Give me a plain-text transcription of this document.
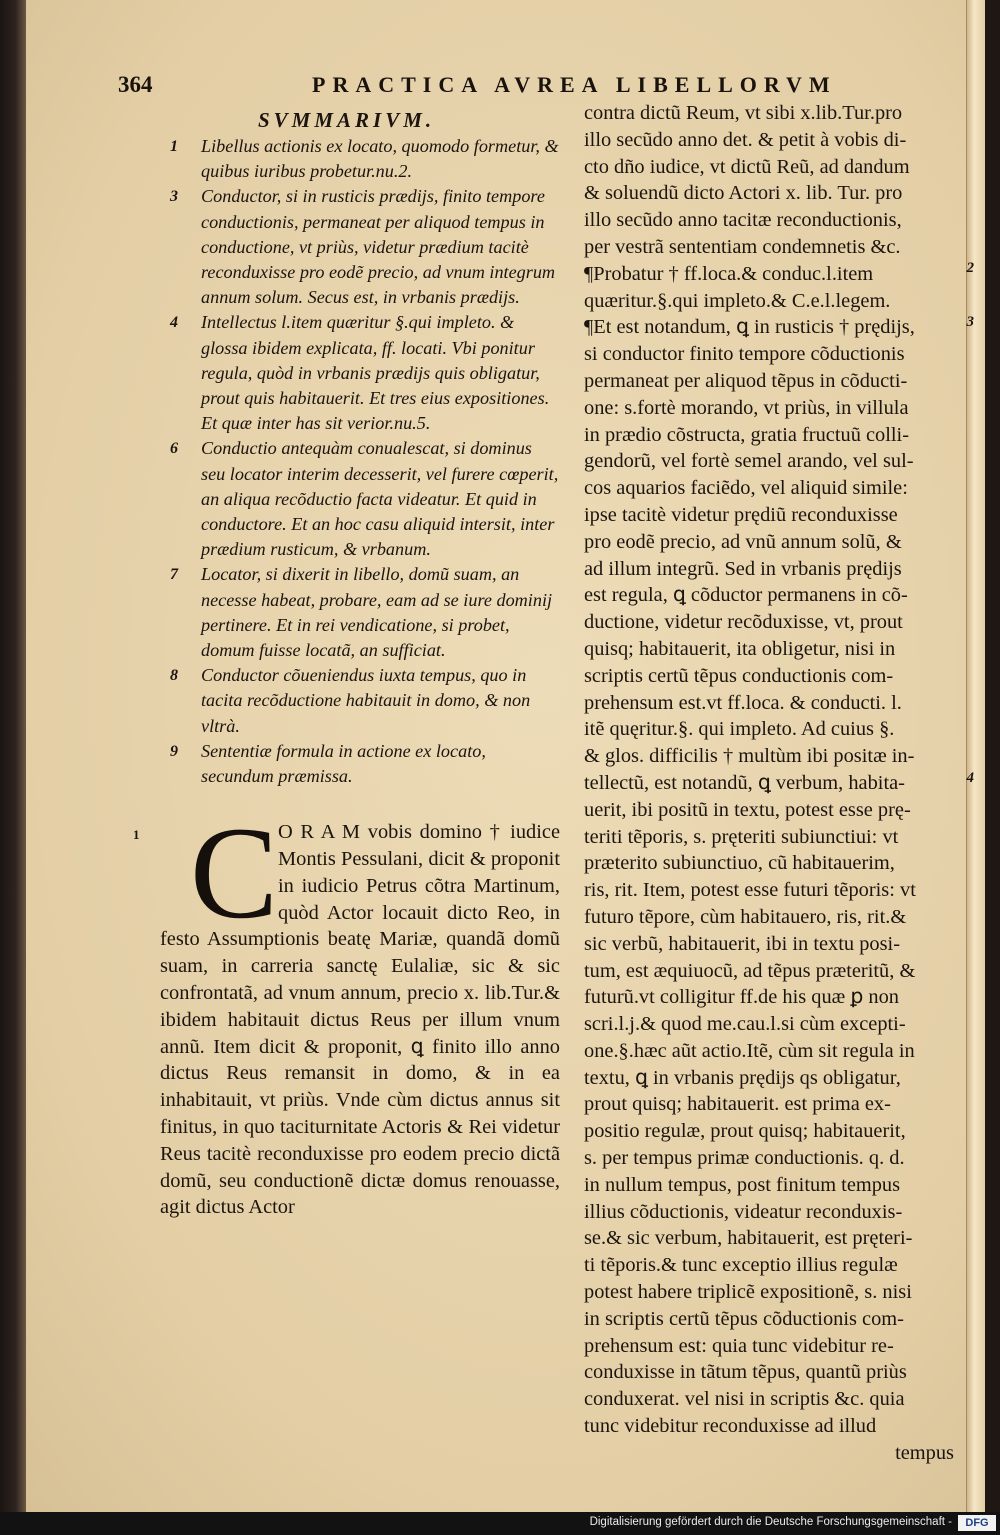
364	PRACTICA AVREA LIBELLORVM
SVMMARIVM.
1 Libellus actionis ex locato, quomodo formetur, & quibus iuribus probetur.nu.2.
3 Conductor, si in rusticis prædijs, finito tempore conductionis, permaneat per aliquod tempus in conductione, vt priùs, videtur prædium tacitè reconduxisse pro eodẽ precio, ad vnum integrum annum solum. Secus est, in vrbanis prædijs.
4 Intellectus l.item quæritur §.qui impleto. & glossa ibidem explicata, ff. locati. Vbi ponitur regula, quòd in vrbanis prædijs quis obligatur, prout quis habitauerit. Et tres eius expositiones. Et quæ inter has sit verior.nu.5.
6 Conductio antequàm conualescat, si dominus seu locator interim decesserit, vel furere cœperit, an aliqua recõductio facta videatur. Et quid in conductore. Et an hoc casu aliquid intersit, inter prædium rusticum, & vrbanum.
7 Locator, si dixerit in libello, domũ suam, an necesse habeat, probare, eam ad se iure dominij pertinere. Et in rei vendicatione, si probet, domum fuisse locatã, an sufficiat.
8 Conductor cõueniendus iuxta tempus, quo in tacita recõductione habitauit in domo, & non vltrà.
9 Sententiæ formula in actione ex locato, secundum præmissa.
1 C O R A M vobis domino † iudice Montis Pessulani, dicit & proponit in iudicio Petrus cõtra Martinum, quòd Actor locauit dicto Reo, in festo Assumptionis beatę Mariæ, quandã domũ suam, in carreria sanctę Eulaliæ, sic & sic confrontatã, ad vnum annum, precio x. lib.Tur.& ibidem habitauit dictus Reus per illum vnum annũ. Item dicit & proponit, ꝗ finito illo anno dictus Reus remansit in domo, & in ea inhabitauit, vt priùs. Vnde cùm dictus annus sit finitus, in quo taciturnitate Actoris & Rei videtur Reus tacitè reconduxisse pro eodem precio dictã domũ, seu conductionẽ dictæ domus renouasse, agit dictus Actor

contra dictũ Reum, vt sibi x.lib.Tur.pro
illo secũdo anno det. & petit à vobis di-
cto dño iudice, vt dictũ Reũ, ad dandum
& soluendũ dicto Actori x. lib. Tur. pro
illo secũdo anno tacitæ reconductionis,
per vestrã sententiam condemnetis &c.
¶Probatur † ff.loca.& conduc.l.item
quæritur.§.qui impleto.& C.e.l.legem.
¶Et est notandum, ꝗ in rusticis † prędijs,
si conductor finito tempore cõductionis
permaneat per aliquod tẽpus in cõducti-
one: s.fortè morando, vt priùs, in villula
in prædio cõstructa, gratia fructuũ colli-
gendorũ, vel fortè semel arando, vel sul-
cos aquarios faciẽdo, vel aliquid simile:
ipse tacitè videtur prędiũ reconduxisse
pro eodẽ precio, ad vnũ annum solũ, &
ad illum integrũ. Sed in vrbanis prędijs
est regula, ꝗ cõductor permanens in cõ-
ductione, videtur recõduxisse, vt, prout
quisq; habitauerit, ita obligetur, nisi in
scriptis certũ tẽpus conductionis com-
prehensum est.vt ff.loca. & conducti. l.
itẽ quęritur.§. qui impleto. Ad cuius §.
& glos. difficilis † multùm ibi positæ in-
tellectũ, est notandũ, ꝗ verbum, habita-
uerit, ibi positũ in textu, potest esse prę-
teriti tẽporis, s. pręteriti subiunctiui: vt
præterito subiunctiuo, cũ habitauerim,
ris, rit. Item, potest esse futuri tẽporis: vt
futuro tẽpore, cùm habitauero, ris, rit.&
sic verbũ, habitauerit, ibi in textu posi-
tum, est æquiuocũ, ad tẽpus præteritũ, &
futurũ.vt colligitur ff.de his quæ ꝑ non
scri.l.j.& quod me.cau.l.si cùm excepti-
one.§.hæc aũt actio.Itẽ, cùm sit regula in
textu, ꝗ in vrbanis prędijs qs obligatur,
prout quisq; habitauerit. est prima ex-
positio regulæ, prout quisq; habitauerit,
s. per tempus primæ conductionis. q. d.
in nullum tempus, post finitum tempus
illius cõductionis, videatur reconduxis-
se.& sic verbum, habitauerit, est pręteri-
ti tẽporis.& tunc exceptio illius regulæ
potest habere triplicẽ expositionẽ, s. nisi
in scriptis certũ tẽpus cõductionis com-
prehensum est: quia tunc videbitur re-
conduxisse in tãtum tẽpus, quantũ priùs
conduxerat. vel nisi in scriptis &c. quia
tunc videbitur reconduxisse ad illud
2
3
4
tempus
Digitalisierung gefördert durch die Deutsche Forschungsgemeinschaft -	DFG
